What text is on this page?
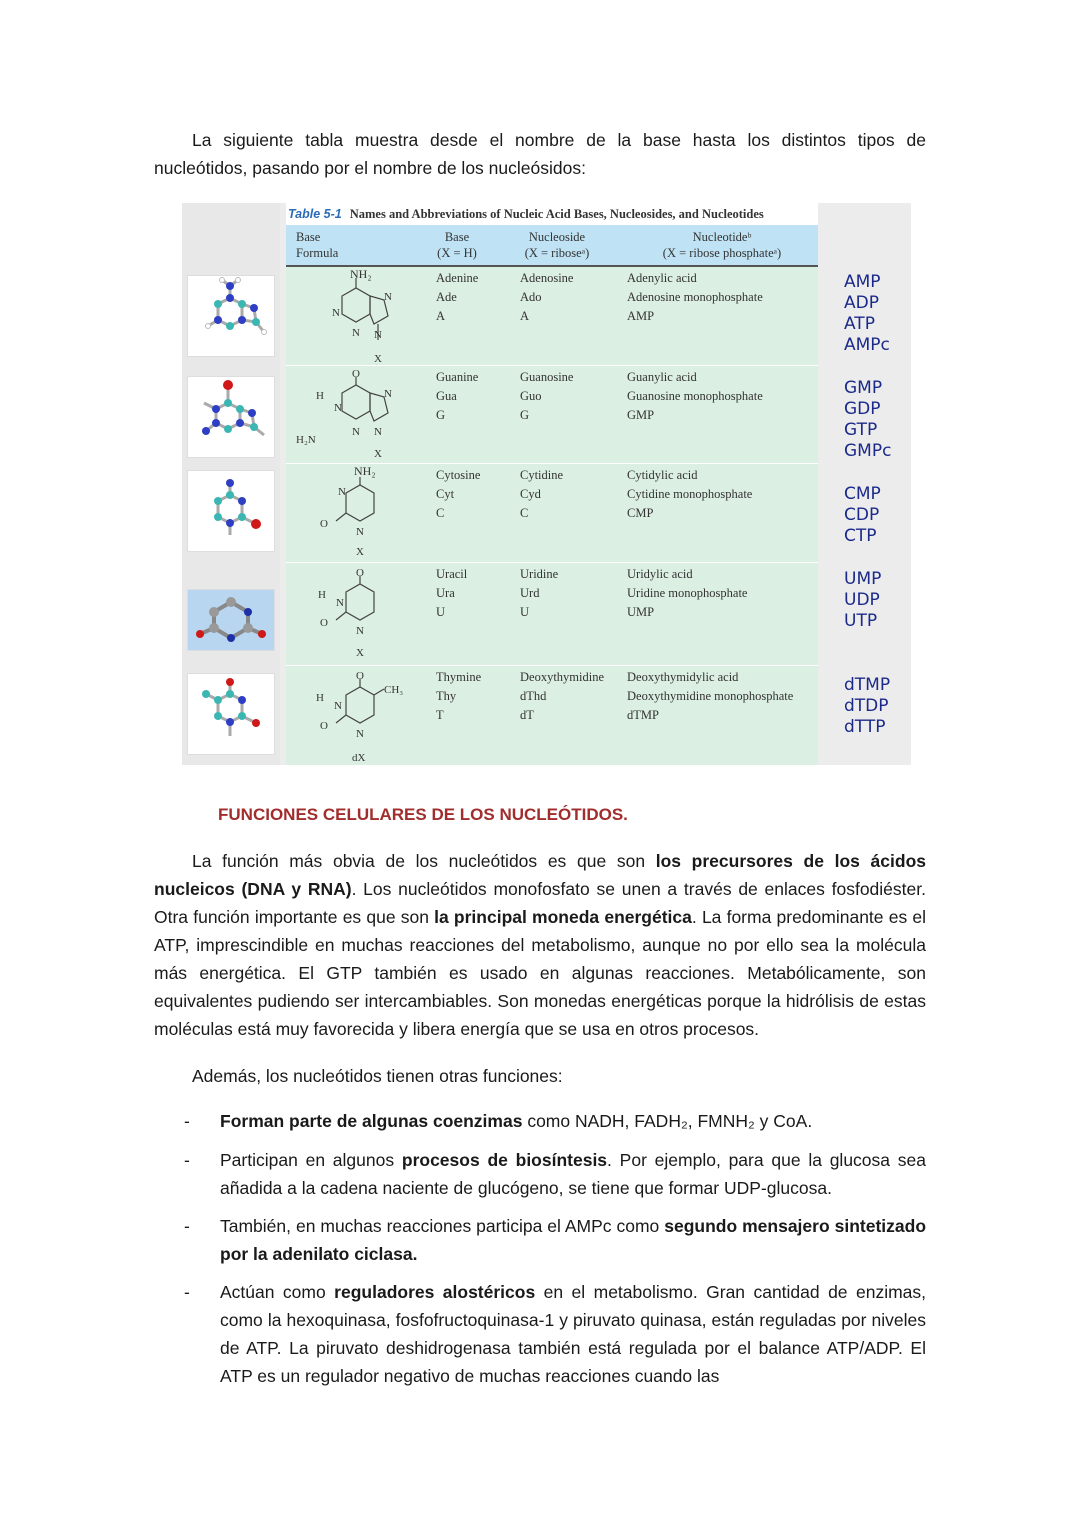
La siguiente tabla muestra desde el nombre de la base hasta los distintos tipos de nucleótidos, pasando por el nombre de los nucleósidos:

Table 5-1 Names and Abbreviations of Nucleic Acid Bases, Nucleosides, and Nucleotides
Base
Formula
Base
(X = H)
Nucleoside
(X = riboseᵃ)
Nucleotideᵇ
(X = ribose phosphateᵃ)
NH₂
N
N
N
N
X
Adenine
Ade
A
Adenosine
Ado
A
Adenylic acid
Adenosine monophosphate
AMP
O
H
N
H₂N
N
N
N
X
Guanine
Gua
G
Guanosine
Guo
G
Guanylic acid
Guanosine monophosphate
GMP
NH₂
N
O
N
X
Cytosine
Cyt
C
Cytidine
Cyd
C
Cytidylic acid
Cytidine monophosphate
CMP
O
H
N
O
N
X
Uracil
Ura
U
Uridine
Urd
U
Uridylic acid
Uridine monophosphate
UMP
O
CH₃
H
N
O
N
dX
Thymine
Thy
T
Deoxythymidine
dThd
dT
Deoxythymidylic acid
Deoxythymidine monophosphate
dTMP
AMP
ADP
ATP
AMPc
GMP
GDP
GTP
GMPc
CMP
CDP
CTP
UMP
UDP
UTP
dTMP
dTDP
dTTP
FUNCIONES CELULARES DE LOS NUCLEÓTIDOS.

La función más obvia de los nucleótidos es que son los precursores de los ácidos nucleicos (DNA y RNA). Los nucleótidos monofosfato se unen a través de enlaces fosfodiéster. Otra función importante es que son la principal moneda energética. La forma predominante es el ATP, imprescindible en muchas reacciones del metabolismo, aunque no por ello sea la molécula más energética. El GTP también es usado en algunas reacciones. Metabólicamente, son equivalentes pudiendo ser intercambiables. Son monedas energéticas porque la hidrólisis de estas moléculas está muy favorecida y libera energía que se usa en otros procesos.

Además, los nucleótidos tienen otras funciones:

- Forman parte de algunas coenzimas como NADH, FADH₂, FMNH₂ y CoA.
- Participan en algunos procesos de biosíntesis. Por ejemplo, para que la glucosa sea añadida a la cadena naciente de glucógeno, se tiene que formar UDP-glucosa.
- También, en muchas reacciones participa el AMPc como segundo mensajero sintetizado por la adenilato ciclasa.
- Actúan como reguladores alostéricos en el metabolismo. Gran cantidad de enzimas, como la hexoquinasa, fosfofructoquinasa-1 y piruvato quinasa, están reguladas por niveles de ATP. La piruvato deshidrogenasa también está regulada por el balance ATP/ADP. El ATP es un regulador negativo de muchas reacciones cuando las
